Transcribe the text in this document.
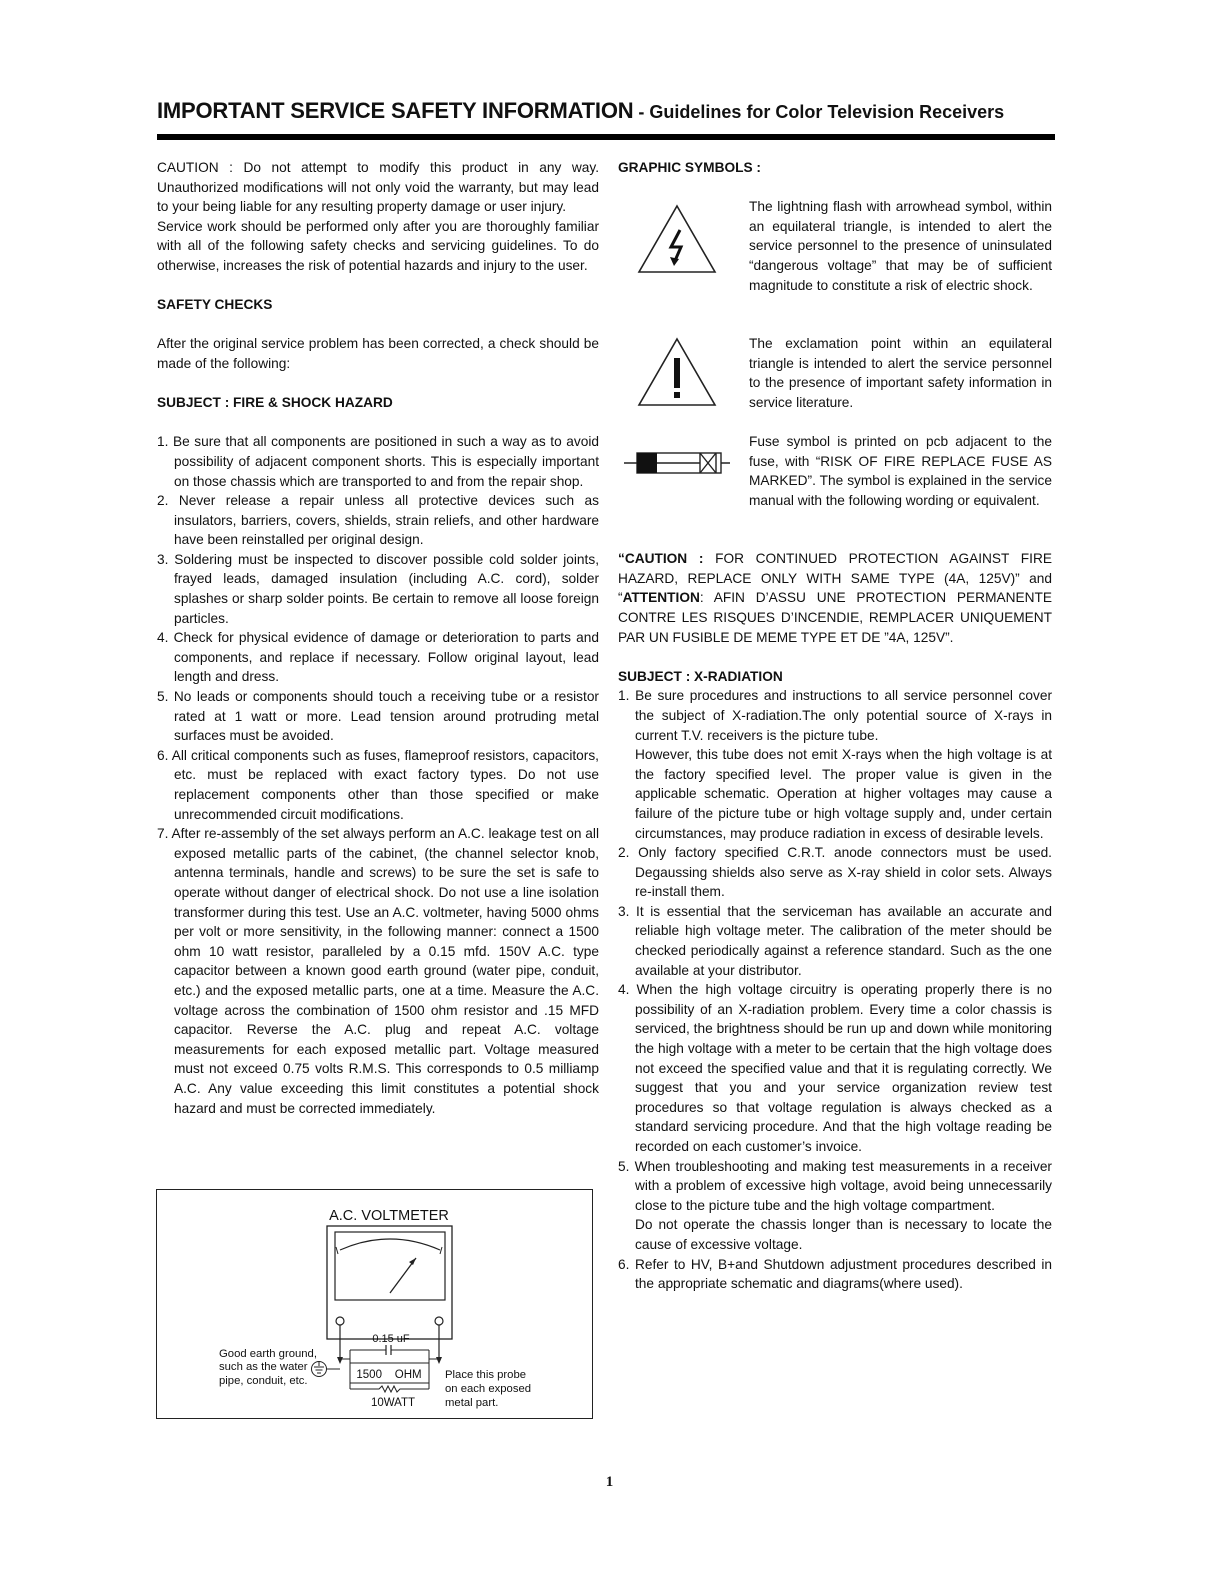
IMPORTANT SERVICE SAFETY INFORMATION - Guidelines for Color Television Receivers

CAUTION : Do not attempt to modify this product in any way. Unauthorized modifications will not only void the warranty, but may lead to your being liable for any resulting property damage or user injury.

Service work should be performed only after you are thoroughly familiar with all of the following safety checks and servicing guidelines. To do otherwise, increases the risk of potential hazards and injury to the user.

SAFETY CHECKS

After the original service problem has been corrected, a check should be made of the following:

SUBJECT : FIRE & SHOCK HAZARD

1. Be sure that all components are positioned in such a way as to avoid possibility of adjacent component shorts. This is especially important on those chassis which are transported to and from the repair shop.
2. Never release a repair unless all protective devices such as insulators, barriers, covers, shields, strain reliefs, and other hardware have been reinstalled per original design.
3. Soldering must be inspected to discover possible cold solder joints, frayed leads, damaged insulation (including A.C. cord), solder splashes or sharp solder points. Be certain to remove all loose foreign particles.
4. Check for physical evidence of damage or deterioration to parts and components, and replace if necessary. Follow original layout, lead length and dress.
5. No leads or components should touch a receiving tube or a resistor rated at 1 watt or more. Lead tension around protruding metal surfaces must be avoided.
6. All critical components such as fuses, flameproof resistors, capacitors, etc. must be replaced with exact factory types. Do not use replacement components other than those specified or make unrecommended circuit modifications.
7. After re-assembly of the set always perform an A.C. leakage test on all exposed metallic parts of the cabinet, (the channel selector knob, antenna terminals, handle and screws) to be sure the set is safe to operate without danger of electrical shock. Do not use a line isolation transformer during this test. Use an A.C. voltmeter, having 5000 ohms per volt or more sensitivity, in the following manner: connect a 1500 ohm 10 watt resistor, paralleled by a 0.15 mfd. 150V A.C. type capacitor between a known good earth ground (water pipe, conduit, etc.) and the exposed metallic parts, one at a time. Measure the A.C. voltage across the combination of 1500 ohm resistor and .15 MFD capacitor. Reverse the A.C. plug and repeat A.C. voltage measurements for each exposed metallic part. Voltage measured must not exceed 0.75 volts R.M.S. This corresponds to 0.5 milliamp A.C. Any value exceeding this limit constitutes a potential shock hazard and must be corrected immediately.
A.C. VOLTMETER
0.15 uF
1500    OHM
10WATT
Good earth ground,
such as the water
pipe, conduit, etc.	Place this probe
on each exposed
metal part.

GRAPHIC SYMBOLS :

The lightning flash with arrowhead symbol, within an equilateral triangle, is intended to alert the service personnel to the presence of uninsulated “dangerous voltage” that may be of sufficient magnitude to constitute a risk of electric shock.

The exclamation point within an equilateral triangle is intended to alert the service personnel to the presence of important safety information in service literature.

Fuse symbol is printed on pcb adjacent to the fuse, with “RISK OF FIRE REPLACE FUSE AS MARKED”. The symbol is explained in the service manual with the following wording or equivalent.

“CAUTION : FOR CONTINUED PROTECTION AGAINST FIRE HAZARD, REPLACE ONLY WITH SAME TYPE (4A, 125V)” and “ATTENTION: AFIN D’ASSU UNE PROTECTION PERMANENTE CONTRE LES RISQUES D’INCENDIE, REMPLACER UNIQUEMENT PAR UN FUSIBLE DE MEME TYPE ET DE ”4A, 125V”.

SUBJECT : X-RADIATION

1. Be sure procedures and instructions to all service personnel cover the subject of X-radiation.The only potential source of X-rays in current T.V. receivers is the picture tube.
However, this tube does not emit X-rays when the high voltage is at the factory specified level. The proper value is given in the applicable schematic. Operation at higher voltages may cause a failure of the picture tube or high voltage supply and, under certain circumstances, may produce radiation in excess of desirable levels.
2. Only factory specified C.R.T. anode connectors must be used. Degaussing shields also serve as X-ray shield in color sets. Always re-install them.
3. It is essential that the serviceman has available an accurate and reliable high voltage meter. The calibration of the meter should be checked periodically against a reference standard. Such as the one available at your distributor.
4. When the high voltage circuitry is operating properly there is no possibility of an X-radiation problem. Every time a color chassis is serviced, the brightness should be run up and down while monitoring the high voltage with a meter to be certain that the high voltage does not exceed the specified value and that it is regulating correctly. We suggest that you and your service organization review test procedures so that voltage regulation is always checked as a standard servicing procedure. And that the high voltage reading be recorded on each customer’s invoice.
5. When troubleshooting and making test measurements in a receiver with a problem of excessive high voltage, avoid being unnecessarily close to the picture tube and the high voltage compartment.
Do not operate the chassis longer than is necessary to locate the cause of excessive voltage.
6. Refer to HV, B+and Shutdown adjustment procedures described in the appropriate schematic and diagrams(where used).
1
